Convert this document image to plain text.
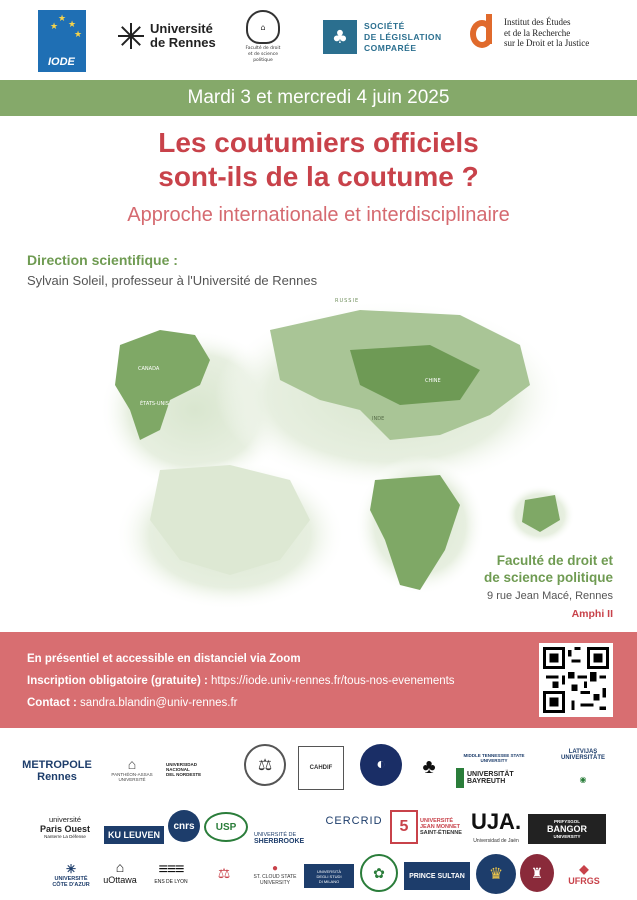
★
★
★
★
IODE
Université
de Rennes
⌂
Faculté de droit
et de science politique
♣
SOCIÉTÉ
DE LÉGISLATION
COMPARÉE
Institut des Études
et de la Recherche
sur le Droit et la Justice
Mardi 3 et mercredi 4 juin 2025
Les coutumiers officiels
sont-ils de la coutume ?
Approche internationale et interdisciplinaire
Direction scientifique :
Sylvain Soleil, professeur à l'Université de Rennes
RUSSIE
CANADA
ÉTATS-UNIS
CHINE
INDE
Faculté de droit et
de science politique
9 rue Jean Macé, Rennes
Amphi II
En présentiel et accessible en distanciel via Zoom
Inscription obligatoire (gratuite) : https://iode.univ-rennes.fr/tous-nos-evenements
Contact : sandra.blandin@univ-rennes.fr
METROPOLE Rennes
⌂
PANTHÉON-ASSAS UNIVERSITÉ
UNIVERSIDAD
NACIONAL
DEL NORDESTE	⚖	CAHDIF	◐	♣	MIDDLE TENNESSEE STATE UNIVERSITY
UNIVERSITÄT
BAYREUTH
LATVIJAS
UNIVERSITĀTE
◉
université
Paris Ouest
Nanterre La Défense	KU LEUVEN
cnrs	USP
UNIVERSITÉ DE
SHERBROOKE
CERCRID	5	UNIVERSITÉ
JEAN MONNET
SAINT-ÉTIENNE UJA.
Universidad de Jaén
PRIFYSGOL
BANGOR
UNIVERSITY
✳
UNIVERSITÉ
CÔTE D'AZUR
⌂
uOttawa
≡≡≡
ENS DE LYON
⚖	●
ST. CLOUD STATE
UNIVERSITY
UNIVERSITÀ
DEGLI STUDI
DI MILANO
✿	PRINCE SULTAN	♛	♜	◆
UFRGS
